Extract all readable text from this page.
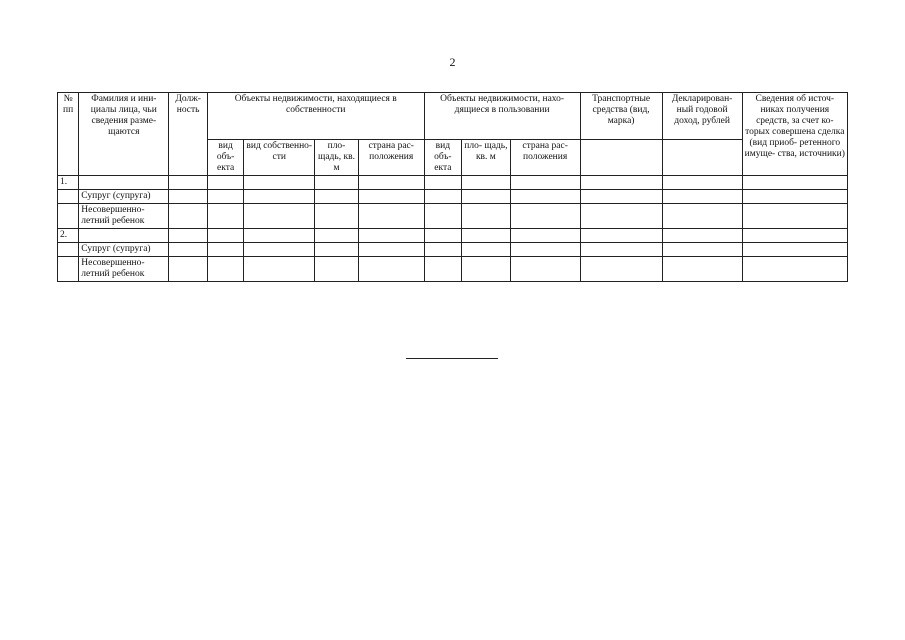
2
№ пп	Фамилия и ини- циалы лица, чьи сведения разме- щаются	Долж- ность	Объекты недвижимости, находящиеся в собственности				Объекты недвижимости, нахо- дящиеся в пользовании			Транспортные средства (вид, марка)	Декларирован- ный годовой доход, рублей	Сведения об источ- никах получения средств, за счет ко- торых совершена сделка (вид приоб- ретенного имуще- ства, источники)
			вид объ- екта	вид собственно- сти	пло- щадь, кв. м	страна рас- положения	вид объ- екта	пло- щадь, кв. м	страна рас- положения			
1.												
	Супруг (супруга)											
	Несовершенно- летний ребенок											
2.												
	Супруг (супруга)											
	Несовершенно- летний ребенок											
